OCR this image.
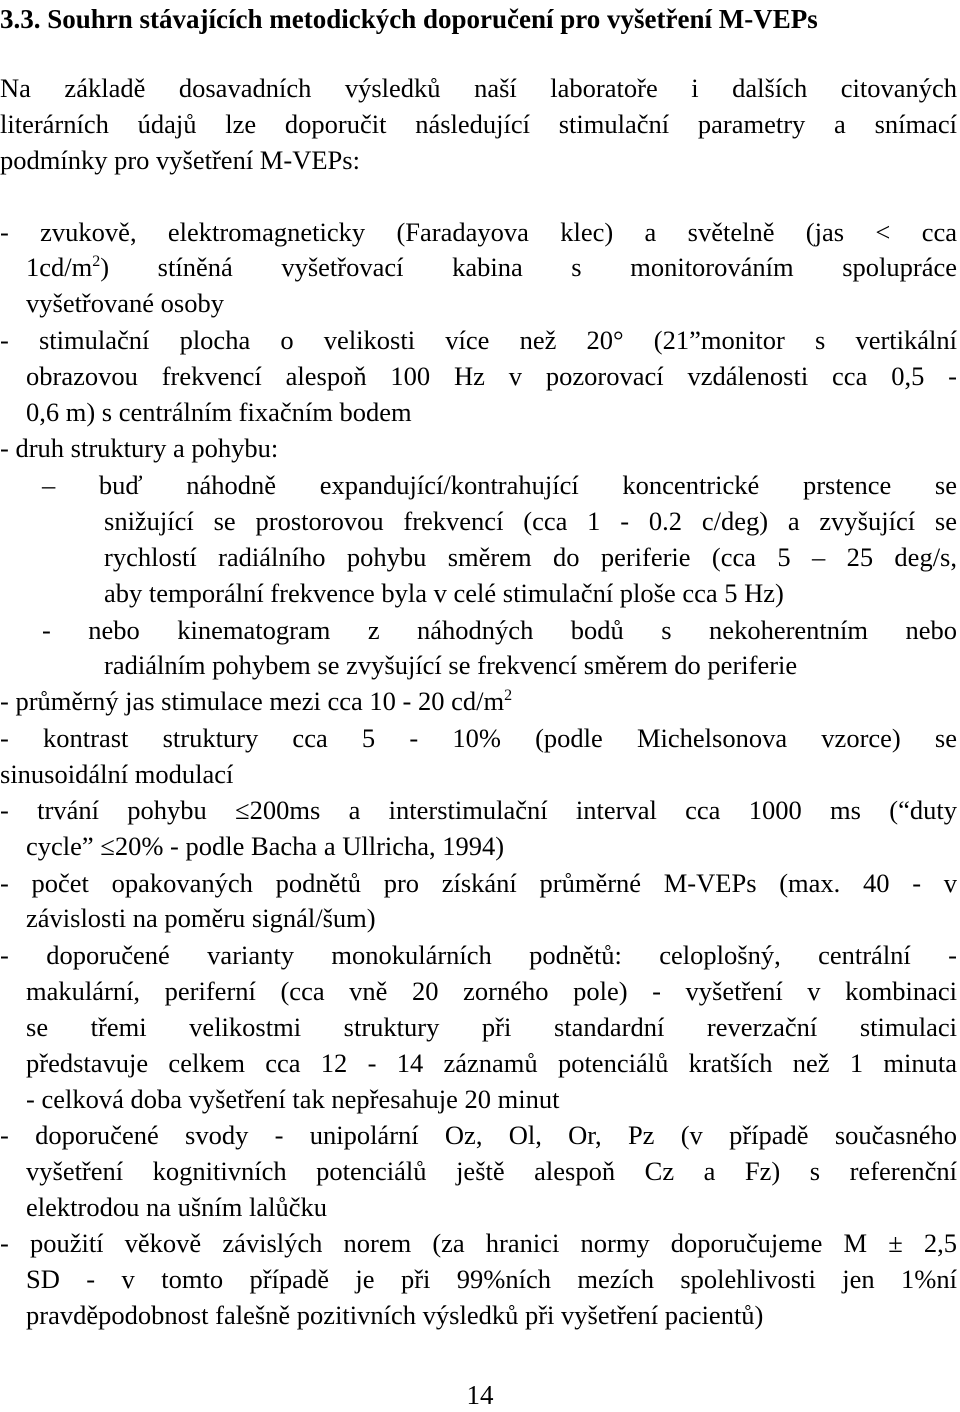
3.3. Souhrn stávajících metodických doporučení pro vyšetření M-VEPs
Na základě dosavadních výsledků naší laboratoře i dalších citovaných
literárních údajů lze doporučit následující stimulační parametry a snímací
podmínky pro vyšetření M-VEPs:
- zvukově, elektromagneticky (Faradayova klec) a světelně (jas < cca
$1cd/m^2$) stíněná vyšetřovací kabina s monitorováním spolupráce
vyšetřované osoby
- stimulační plocha o velikosti více než 20° (21”monitor s vertikální
obrazovou frekvencí alespoň 100 Hz v pozorovací vzdálenosti cca 0,5 -
0,6 m) s centrálním fixačním bodem
- druh struktury a pohybu:
– buď náhodně expandující/kontrahující koncentrické prstence se
snižující se prostorovou frekvencí (cca 1 - 0.2 c/deg) a zvyšující se
rychlostí radiálního pohybu směrem do periferie (cca 5 – 25 deg/s,
aby temporální frekvence byla v celé stimulační ploše cca 5 Hz)
- nebo kinematogram z náhodných bodů s nekoherentním nebo
radiálním pohybem se zvyšující se frekvencí směrem do periferie
- průměrný jas stimulace mezi cca 10 - 20 $cd/m^2$
- kontrast struktury cca 5 - 10% (podle Michelsonova vzorce) se
sinusoidální modulací
- trvání pohybu ≤200ms a interstimulační interval cca 1000 ms (“duty
cycle” ≤20% - podle Bacha a Ullricha, 1994)
- počet opakovaných podnětů pro získání průměrné M-VEPs (max. 40 - v
závislosti na poměru signál/šum)
- doporučené varianty monokulárních podnětů: celoplošný, centrální -
makulární, periferní (cca vně 20 zorného pole) - vyšetření v kombinaci
se třemi velikostmi struktury při standardní reverzační stimulaci
představuje celkem cca 12 - 14 záznamů potenciálů kratších než 1 minuta
- celková doba vyšetření tak nepřesahuje 20 minut
- doporučené svody - unipolární Oz, Ol, Or, Pz (v případě současného
vyšetření kognitivních potenciálů ještě alespoň Cz a Fz) s referenční
elektrodou na ušním lalůčku
- použití věkově závislých norem (za hranici normy doporučujeme M ± 2,5
SD - v tomto případě je při 99%ních mezích spolehlivosti jen 1%ní
pravděpodobnost falešně pozitivních výsledků při vyšetření pacientů)
14
